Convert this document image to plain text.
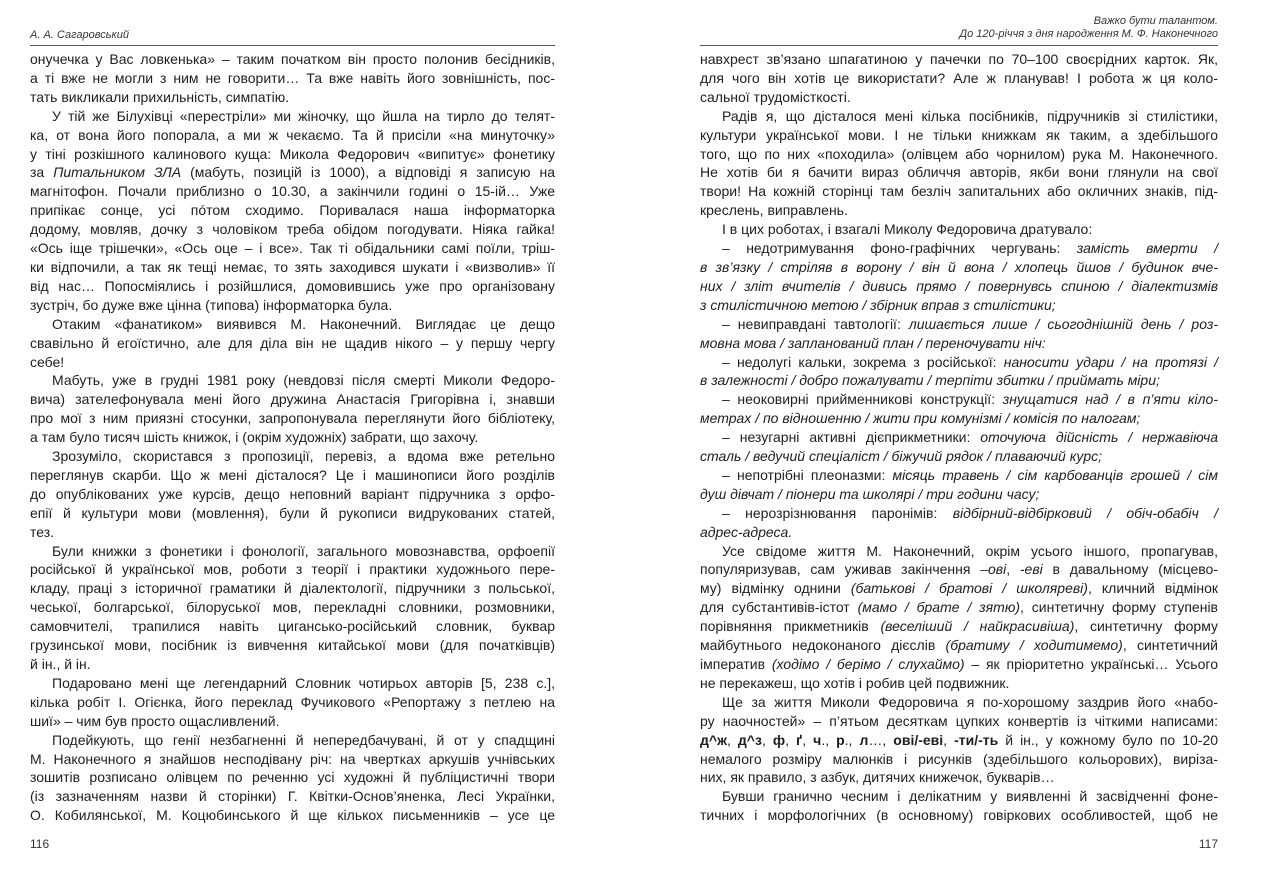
А. А. Сагаровський
онучечка у Вас ловкенька» – таким початком він просто полонив бесідників,
а ті вже не могли з ним не говорити… Та вже навіть його зовнішність, пос-
тать викликали прихильність, симпатію.
У тій же Білухівці «перестріли» ми жіночку, що йшла на тирло до телят-
ка, от вона його попорала, а ми ж чекаємо. Та й присіли «на минуточку»
у тіні розкішного калинового куща: Микола Федорович «випитує» фонетику
за Питальником ЗЛА (мабуть, позицій із 1000), а відповіді я записую на
магнітофон. Почали приблизно о 10.30, а закінчили годині о 15-ій… Уже
припікає сонце, усі пóтом сходимо. Поривалася наша інформаторка
додому, мовляв, дочку з чоловіком треба обідом погодувати. Ніяка гайка!
«Ось іще трішечки», «Ось оце – і все». Так ті обідальники самі поїли, тріш-
ки відпочили, а так як тещі немає, то зять заходився шукати і «визволив» її
від нас… Попосміялись і розійшлися, домовившись уже про організовану
зустріч, бо дуже вже цінна (типова) інформаторка була.
Отаким «фанатиком» виявився М. Наконечний. Виглядає це дещо
свавільно й егоїстично, але для діла він не щадив нікого – у першу чергу
себе!
Мабуть, уже в грудні 1981 року (невдовзі після смерті Миколи Федоро-
вича) зателефонувала мені його дружина Анастасія Григорівна і, знавши
про мої з ним приязні стосунки, запропонувала переглянути його бібліотеку,
а там було тисяч шість книжок, і (окрім художніх) забрати, що захочу.
Зрозуміло, скористався з пропозиції, перевіз, а вдома вже ретельно
переглянув скарби. Що ж мені дісталося? Це і машинописи його розділів
до опублікованих уже курсів, дещо неповний варіант підручника з орфо-
епії й культури мови (мовлення), були й рукописи видрукованих статей,
тез.
Були книжки з фонетики і фонології, загального мовознавства, орфоепії
російської й української мов, роботи з теорії і практики художнього пере-
кладу, праці з історичної граматики й діалектології, підручники з польської,
чеської, болгарської, білоруської мов, перекладні словники, розмовники,
самовчителі, трапилися навіть цигансько-російський словник, буквар
грузинської мови, посібник із вивчення китайської мови (для початківців)
й ін., й ін.
Подаровано мені ще легендарний Словник чотирьох авторів [5, 238 с.],
кілька робіт І. Огієнка, його переклад Фучикового «Репортажу з петлею на
шиї» – чим був просто ощасливлений.
Подейкують, що генії незбагненні й непередбачувані, й от у спадщині
М. Наконечного я знайшов несподівану річ: на чвертках аркушів учнівських
зошитів розписано олівцем по реченню усі художні й публіцистичні твори
(із зазначенням назви й сторінки) Г. Квітки-Основ’яненка, Лесі Українки,
О. Кобилянської, М. Коцюбинського й ще кількох письменників – усе це
116
Важко бути талантом.
До 120-річчя з дня народження М. Ф. Наконечного
навхрест зв’язано шпагатиною у пачечки по 70–100 своєрідних карток. Як,
для чого він хотів це використати? Але ж планував! І робота ж ця коло-
сальної трудомісткості.
Радів я, що дісталося мені кілька посібників, підручників зі стилістики,
культури української мови. І не тільки книжкам як таким, а здебільшого
того, що по них «походила» (олівцем або чорнилом) рука М. Наконечного.
Не хотів би я бачити вираз обличчя авторів, якби вони глянули на свої
твори! На кожній сторінці там безліч запитальних або окличних знаків, під-
креслень, виправлень.
І в цих роботах, і взагалі Миколу Федоровича дратувало:
– недотримування фоно-графічних чергувань: замість вмерти /
в зв’язку / стріляв в ворону / він й вона / хлопець йшов / будинок вче-
них / зліт вчителів / дивись прямо / повернувсь спиною / діалектизмів
з стилістичною метою / збірник вправ з стилістики;
– невиправдані тавтології: лишається лише / сьогоднішній день / роз-
мовна мова / запланований план / переночувати ніч:
– недолугі кальки, зокрема з російської: наносити удари / на протязі /
в залежності / добро пожалувати / терпіти збитки / приймать міри;
– неоковирні прийменникові конструкції: знущатися над / в п’яти кіло-
метрах / по відношенню / жити при комунізмі / комісія по налогам;
– незугарні активні дієприкметники: оточуюча дійсність / нержавіюча
сталь / ведучий спеціаліст / біжучий рядок / плаваючий курс;
– непотрібні плеоназми: місяць травень / сім карбованців грошей / сім
душ дівчат / піонери та школярі / три години часу;
– нерозрізнювання паронімів: відбірний-відбірковий / обіч-обабіч /
адрес-адреса.
Усе свідоме життя М. Наконечний, окрім усього іншого, пропагував,
популяризував, сам уживав закінчення –ові, -еві в давальному (місцево-
му) відмінку однини (батькові / братові / школяреві), кличний відмінок
для субстантивів-істот (мамо / брате / зятю), синтетичну форму ступенів
порівняння прикметників (веселіший / найкрасивіша), синтетичну форму
майбутнього недоконаного дієслів (братиму / ходитимемо), синтетичний
імператив (ходімо / берімо / слухаймо) – як пріоритетно українські… Усього
не перекажеш, що хотів і робив цей подвижник.
Ще за життя Миколи Федоровича я по-хорошому заздрив його «набо-
ру наочностей» – п’ятьом десяткам цупких конвертів із чіткими написами:
д^ж, д^з, ф, ґ, ч., р., л…, ові/-еві, -ти/-ть й ін., у кожному було по 10-20
немалого розміру малюнків і рисунків (здебільшого кольорових), виріза-
них, як правило, з азбук, дитячих книжечок, букварів…
Бувши гранично чесним і делікатним у виявленні й засвідченні фоне-
тичних і морфологічних (в основному) говіркових особливостей, щоб не
117
